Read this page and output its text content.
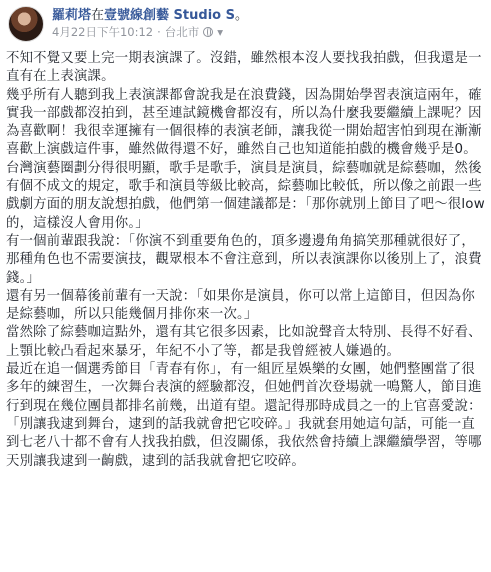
羅莉塔在壹號線創藝 Studio S。
4月22日下午10:12 · 台北市 ▾

不知不覺又要上完一期表演課了。沒錯，雖然根本沒人要找我拍戲，但我還是一直有在上表演課。

幾乎所有人聽到我上表演課都會說我是在浪費錢，因為開始學習表演這兩年，確實我一部戲都沒拍到，甚至連試鏡機會都沒有，所以為什麼我要繼續上課呢？因為喜歡啊！我很幸運擁有一個很棒的表演老師，讓我從一開始超害怕到現在漸漸喜歡上演戲這件事，雖然做得還不好，雖然自己也知道能拍戲的機會幾乎是0。

台灣演藝圈劃分得很明顯，歌手是歌手，演員是演員，綜藝咖就是綜藝咖，然後有個不成文的規定，歌手和演員等級比較高，綜藝咖比較低，所以像之前跟一些戲劇方面的朋友說想拍戲，他們第一個建議都是：「那你就別上節目了吧～很low的，這樣沒人會用你。」

有一個前輩跟我說：「你演不到重要角色的，頂多邊邊角角搞笑那種就很好了，那種角色也不需要演技，觀眾根本不會注意到，所以表演課你以後別上了，浪費錢。」

還有另一個幕後前輩有一天說：「如果你是演員，你可以常上這節目，但因為你是綜藝咖，所以只能幾個月排你來一次。」

當然除了綜藝咖這點外，還有其它很多因素，比如說聲音太特別、長得不好看、上顎比較凸看起來暴牙，年紀不小了等，都是我曾經被人嫌過的。

最近在追一個選秀節目「青春有你」，有一組匠星娛樂的女團，她們整團當了很多年的練習生，一次舞台表演的經驗都沒，但她們首次登場就一鳴驚人，節目進行到現在幾位團員都排名前幾，出道有望。還記得那時成員之一的上官喜愛說：「別讓我逮到舞台，逮到的話我就會把它咬碎。」我就套用她這句話，可能一直到七老八十都不會有人找我拍戲，但沒關係，我依然會持續上課繼續學習，等哪天別讓我逮到一齣戲，逮到的話我就會把它咬碎。
